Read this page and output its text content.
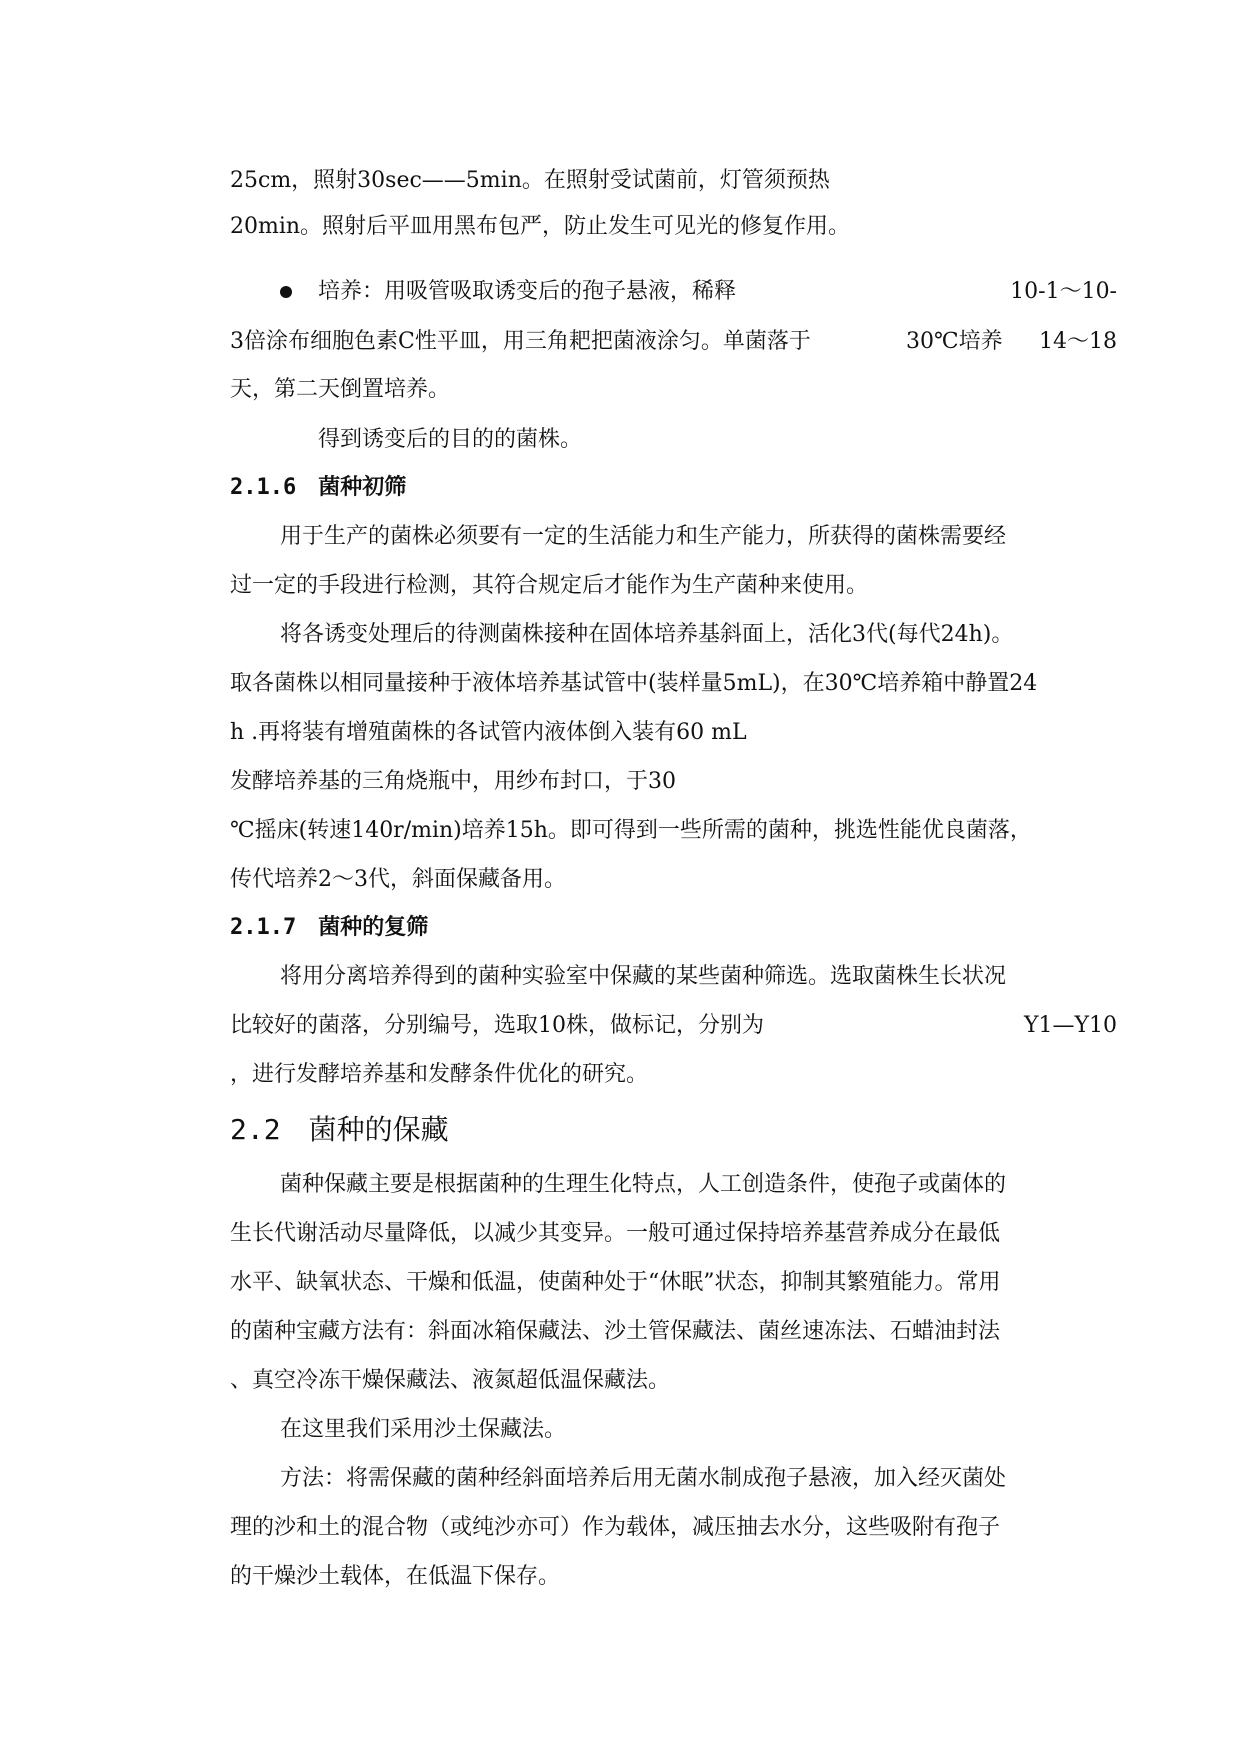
25cm，照射30sec——5min。在照射受试菌前，灯管须预热
20min。照射后平皿用黑布包严，防止发生可见光的修复作用。
培养：用吸管吸取诱变后的孢子悬液，稀释	10-1～10-
3倍涂布细胞色素C性平皿，用三角耙把菌液涂匀。单菌落于	30℃培养 14～18
天，第二天倒置培养。
得到诱变后的目的的菌株。
2.1.6 菌种初筛
用于生产的菌株必须要有一定的生活能力和生产能力，所获得的菌株需要经
过一定的手段进行检测，其符合规定后才能作为生产菌种来使用。
将各诱变处理后的待测菌株接种在固体培养基斜面上，活化3代(每代24h)。
取各菌株以相同量接种于液体培养基试管中(装样量5mL)，在30℃培养箱中静置24
h .再将装有增殖菌株的各试管内液体倒入装有60 mL
发酵培养基的三角烧瓶中，用纱布封口，于30
℃摇床(转速140r/min)培养15h。即可得到一些所需的菌种，挑选性能优良菌落，
传代培养2～3代，斜面保藏备用。
2.1.7 菌种的复筛
将用分离培养得到的菌种实验室中保藏的某些菌种筛选。选取菌株生长状况
比较好的菌落，分别编号，选取10株，做标记，分别为	Y1—Y10
，进行发酵培养基和发酵条件优化的研究。
2.2 菌种的保藏
菌种保藏主要是根据菌种的生理生化特点，人工创造条件，使孢子或菌体的
生长代谢活动尽量降低，以减少其变异。一般可通过保持培养基营养成分在最低
水平、缺氧状态、干燥和低温，使菌种处于“休眠”状态，抑制其繁殖能力。常用
的菌种宝藏方法有：斜面冰箱保藏法、沙土管保藏法、菌丝速冻法、石蜡油封法
、真空冷冻干燥保藏法、液氮超低温保藏法。
在这里我们采用沙土保藏法。
方法：将需保藏的菌种经斜面培养后用无菌水制成孢子悬液，加入经灭菌处
理的沙和土的混合物（或纯沙亦可）作为载体，减压抽去水分，这些吸附有孢子
的干燥沙土载体，在低温下保存。
